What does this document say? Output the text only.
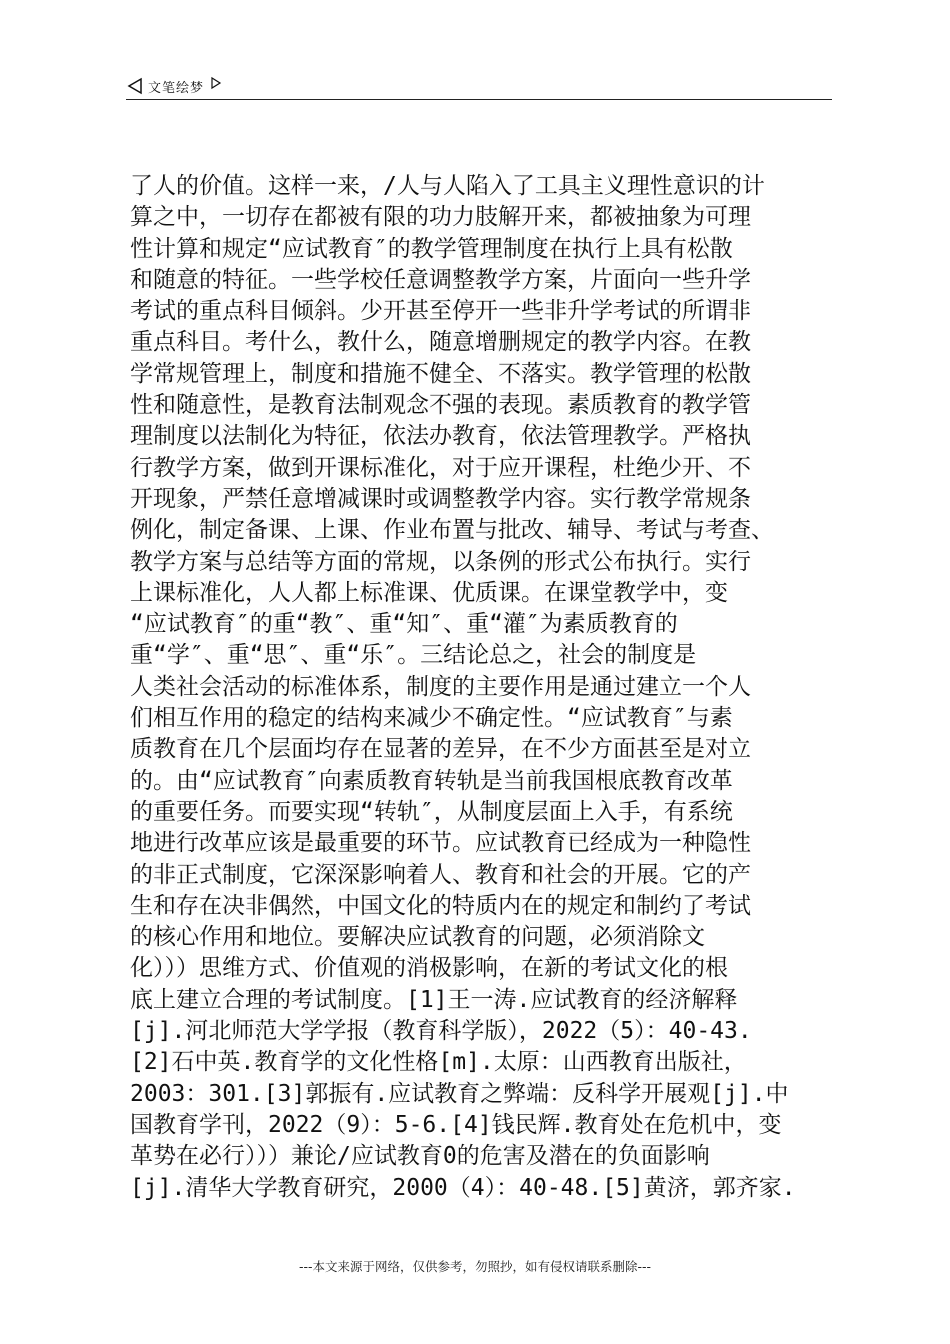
文笔绘梦
了人的价值。这样一来，/人与人陷入了工具主义理性意识的计
算之中，一切存在都被有限的功力肢解开来，都被抽象为可理
性计算和规定“应试教育″的教学管理制度在执行上具有松散
和随意的特征。一些学校任意调整教学方案，片面向一些升学
考试的重点科目倾斜。少开甚至停开一些非升学考试的所谓非
重点科目。考什么，教什么，随意增删规定的教学内容。在教
学常规管理上，制度和措施不健全、不落实。教学管理的松散
性和随意性，是教育法制观念不强的表现。素质教育的教学管
理制度以法制化为特征，依法办教育，依法管理教学。严格执
行教学方案，做到开课标准化，对于应开课程，杜绝少开、不
开现象，严禁任意增减课时或调整教学内容。实行教学常规条
例化，制定备课、上课、作业布置与批改、辅导、考试与考查、
教学方案与总结等方面的常规，以条例的形式公布执行。实行
上课标准化，人人都上标准课、优质课。在课堂教学中，变
“应试教育″的重“教″、重“知″、重“灌″为素质教育的
重“学″、重“思″、重“乐″。三结论总之，社会的制度是
人类社会活动的标准体系，制度的主要作用是通过建立一个人
们相互作用的稳定的结构来减少不确定性。“应试教育″与素
质教育在几个层面均存在显著的差异，在不少方面甚至是对立
的。由“应试教育″向素质教育转轨是当前我国根底教育改革
的重要任务。而要实现“转轨″，从制度层面上入手，有系统
地进行改革应该是最重要的环节。应试教育已经成为一种隐性
的非正式制度，它深深影响着人、教育和社会的开展。它的产
生和存在决非偶然，中国文化的特质内在的规定和制约了考试
的核心作用和地位。要解决应试教育的问题，必须消除文
化）））思维方式、价值观的消极影响，在新的考试文化的根
底上建立合理的考试制度。[1]王一涛.应试教育的经济解释
[j].河北师范大学学报（教育科学版），2022（5）：40-43.
[2]石中英.教育学的文化性格[m].太原：山西教育出版社，
2003：301.[3]郭振有.应试教育之弊端：反科学开展观[j].中
国教育学刊，2022（9）：5-6.[4]钱民辉.教育处在危机中，变
革势在必行）））兼论/应试教育0的危害及潜在的负面影响
[j].清华大学教育研究，2000（4）：40-48.[5]黄济，郭齐家.
---本文来源于网络，仅供参考，勿照抄，如有侵权请联系删除---
